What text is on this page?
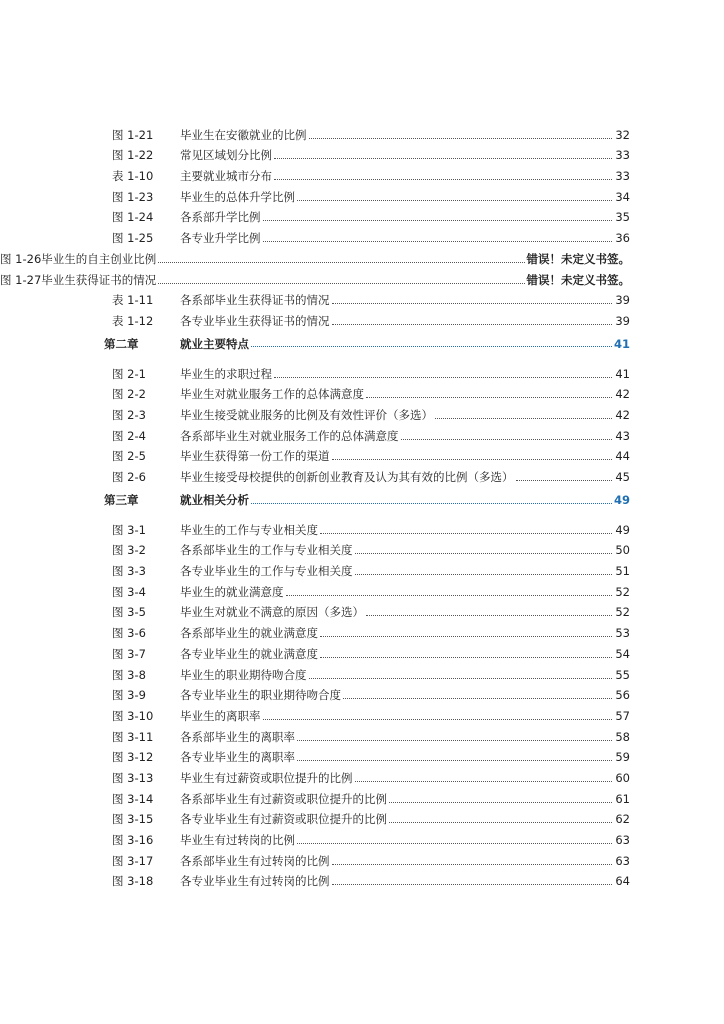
图 1-21 毕业生在安徽就业的比例	32
图 1-22 常见区域划分比例	33
表 1-10 主要就业城市分布	33
图 1-23 毕业生的总体升学比例	34
图 1-24 各系部升学比例	35
图 1-25 各专业升学比例	36
图 1-26 毕业生的自主创业比例	错误！未定义书签。
图 1-27 毕业生获得证书的情况	错误！未定义书签。
表 1-11 各系部毕业生获得证书的情况	39
表 1-12 各专业毕业生获得证书的情况	39
第二章	就业主要特点	41
图 2-1	毕业生的求职过程	41
图 2-2	毕业生对就业服务工作的总体满意度	42
图 2-3	毕业生接受就业服务的比例及有效性评价（多选）	42
图 2-4	各系部毕业生对就业服务工作的总体满意度	43
图 2-5	毕业生获得第一份工作的渠道	44
图 2-6	毕业生接受母校提供的创新创业教育及认为其有效的比例（多选）	45
第三章	就业相关分析	49
图 3-1	毕业生的工作与专业相关度	49
图 3-2	各系部毕业生的工作与专业相关度	50
图 3-3	各专业毕业生的工作与专业相关度	51
图 3-4	毕业生的就业满意度	52
图 3-5	毕业生对就业不满意的原因（多选）	52
图 3-6	各系部毕业生的就业满意度	53
图 3-7	各专业毕业生的就业满意度	54
图 3-8	毕业生的职业期待吻合度	55
图 3-9	各专业毕业生的职业期待吻合度	56
图 3-10 毕业生的离职率	57
图 3-11 各系部毕业生的离职率	58
图 3-12 各专业毕业生的离职率	59
图 3-13 毕业生有过薪资或职位提升的比例	60
图 3-14 各系部毕业生有过薪资或职位提升的比例	61
图 3-15 各专业毕业生有过薪资或职位提升的比例	62
图 3-16 毕业生有过转岗的比例	63
图 3-17 各系部毕业生有过转岗的比例	63
图 3-18 各专业毕业生有过转岗的比例	64
